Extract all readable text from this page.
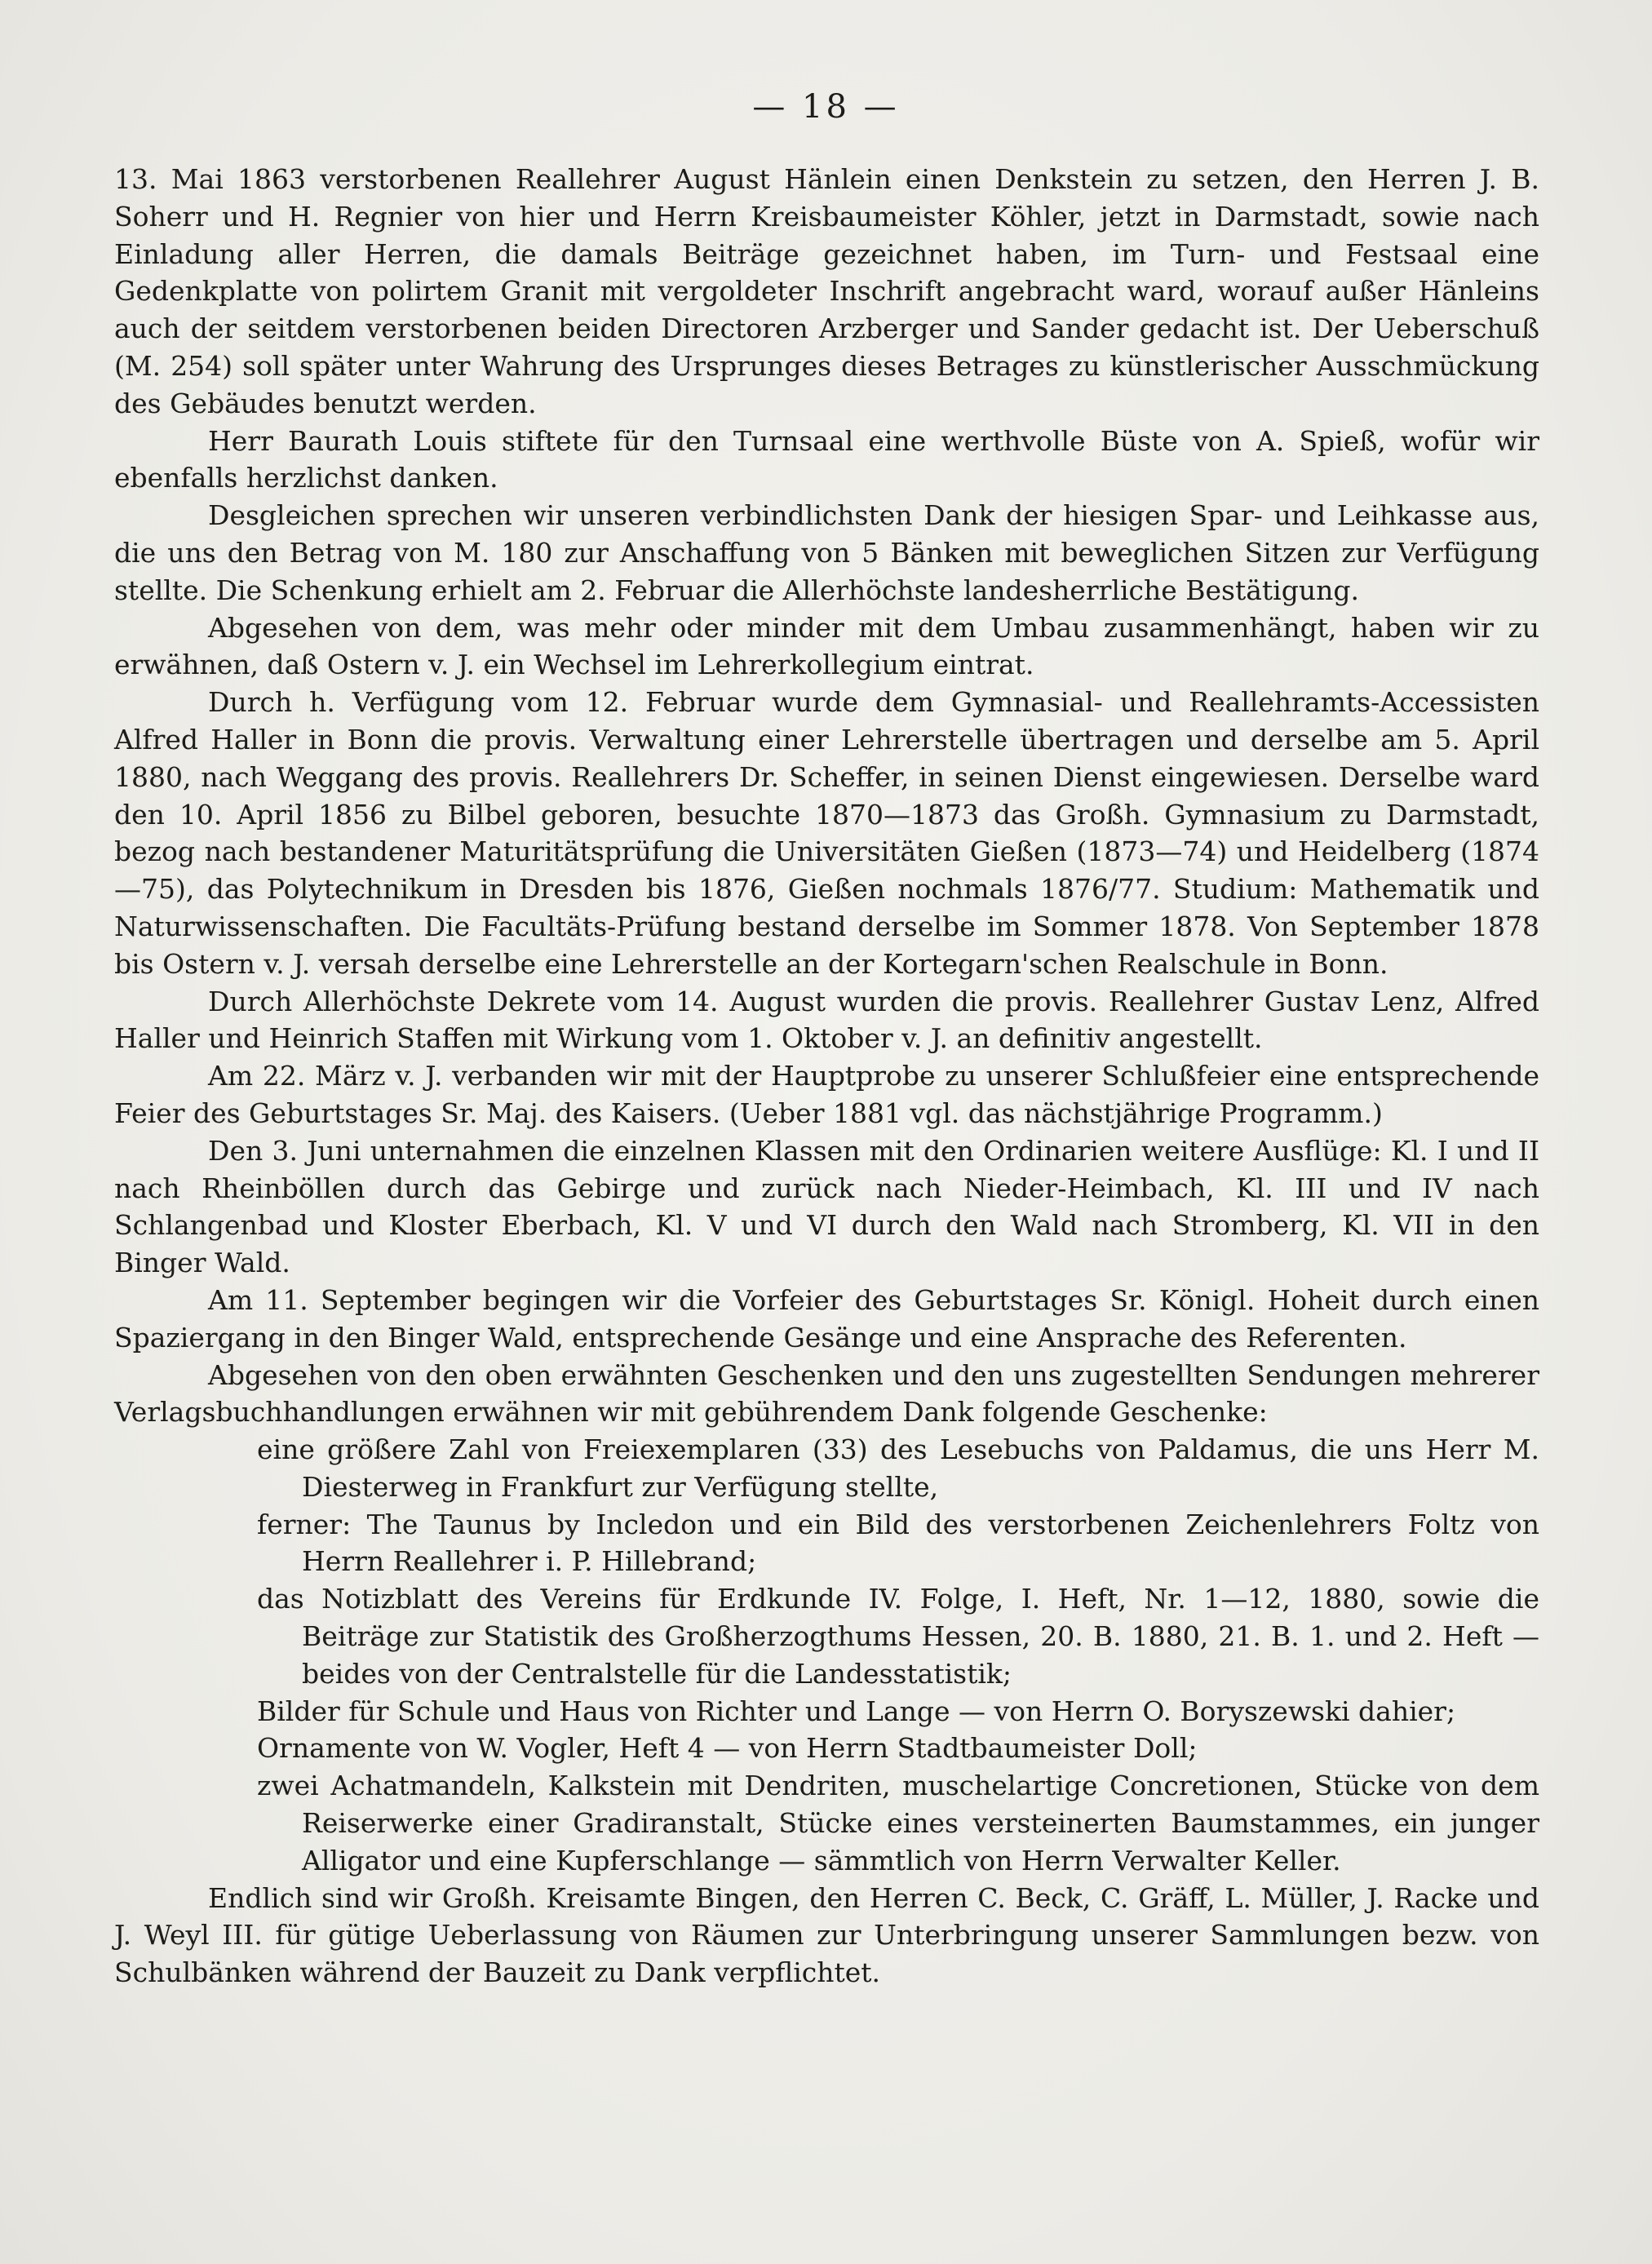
— 18 —

13. Mai 1863 verstorbenen Reallehrer August Hänlein einen Denkstein zu setzen, den Herren J. B. Soherr und H. Regnier von hier und Herrn Kreisbaumeister Köhler, jetzt in Darmstadt, sowie nach Einladung aller Herren, die damals Beiträge gezeichnet haben, im Turn- und Festsaal eine Gedenkplatte von polirtem Granit mit vergoldeter Inschrift angebracht ward, worauf außer Hänleins auch der seitdem verstorbenen beiden Directoren Arzberger und Sander gedacht ist. Der Ueberschuß (M. 254) soll später unter Wahrung des Ursprunges dieses Betrages zu künstlerischer Ausschmückung des Gebäudes benutzt werden.

Herr Baurath Louis stiftete für den Turnsaal eine werthvolle Büste von A. Spieß, wofür wir ebenfalls herzlichst danken.

Desgleichen sprechen wir unseren verbindlichsten Dank der hiesigen Spar- und Leihkasse aus, die uns den Betrag von M. 180 zur Anschaffung von 5 Bänken mit beweglichen Sitzen zur Verfügung stellte. Die Schenkung erhielt am 2. Februar die Allerhöchste landesherrliche Bestätigung.

Abgesehen von dem, was mehr oder minder mit dem Umbau zusammenhängt, haben wir zu erwähnen, daß Ostern v. J. ein Wechsel im Lehrerkollegium eintrat.

Durch h. Verfügung vom 12. Februar wurde dem Gymnasial- und Reallehramts-Accessisten Alfred Haller in Bonn die provis. Verwaltung einer Lehrerstelle übertragen und derselbe am 5. April 1880, nach Weggang des provis. Reallehrers Dr. Scheffer, in seinen Dienst eingewiesen. Derselbe ward den 10. April 1856 zu Bilbel geboren, besuchte 1870—1873 das Großh. Gymnasium zu Darmstadt, bezog nach bestandener Maturitätsprüfung die Universitäten Gießen (1873—74) und Heidelberg (1874—75), das Polytechnikum in Dresden bis 1876, Gießen nochmals 1876/77. Studium: Mathematik und Naturwissenschaften. Die Facultäts-Prüfung bestand derselbe im Sommer 1878. Von September 1878 bis Ostern v. J. versah derselbe eine Lehrerstelle an der Kortegarn'schen Realschule in Bonn.

Durch Allerhöchste Dekrete vom 14. August wurden die provis. Reallehrer Gustav Lenz, Alfred Haller und Heinrich Staffen mit Wirkung vom 1. Oktober v. J. an definitiv angestellt.

Am 22. März v. J. verbanden wir mit der Hauptprobe zu unserer Schlußfeier eine entsprechende Feier des Geburtstages Sr. Maj. des Kaisers. (Ueber 1881 vgl. das nächstjährige Programm.)

Den 3. Juni unternahmen die einzelnen Klassen mit den Ordinarien weitere Ausflüge: Kl. I und II nach Rheinböllen durch das Gebirge und zurück nach Nieder-Heimbach, Kl. III und IV nach Schlangenbad und Kloster Eberbach, Kl. V und VI durch den Wald nach Stromberg, Kl. VII in den Binger Wald.

Am 11. September begingen wir die Vorfeier des Geburtstages Sr. Königl. Hoheit durch einen Spaziergang in den Binger Wald, entsprechende Gesänge und eine Ansprache des Referenten.

Abgesehen von den oben erwähnten Geschenken und den uns zugestellten Sendungen mehrerer Verlagsbuchhandlungen erwähnen wir mit gebührendem Dank folgende Geschenke:

eine größere Zahl von Freiexemplaren (33) des Lesebuchs von Paldamus, die uns Herr M. Diesterweg in Frankfurt zur Verfügung stellte,

ferner: The Taunus by Incledon und ein Bild des verstorbenen Zeichenlehrers Foltz von Herrn Reallehrer i. P. Hillebrand;

das Notizblatt des Vereins für Erdkunde IV. Folge, I. Heft, Nr. 1—12, 1880, sowie die Beiträge zur Statistik des Großherzogthums Hessen, 20. B. 1880, 21. B. 1. und 2. Heft — beides von der Centralstelle für die Landesstatistik;

Bilder für Schule und Haus von Richter und Lange — von Herrn O. Boryszewski dahier;

Ornamente von W. Vogler, Heft 4 — von Herrn Stadtbaumeister Doll;

zwei Achatmandeln, Kalkstein mit Dendriten, muschelartige Concretionen, Stücke von dem Reiserwerke einer Gradiranstalt, Stücke eines versteinerten Baumstammes, ein junger Alligator und eine Kupferschlange — sämmtlich von Herrn Verwalter Keller.

Endlich sind wir Großh. Kreisamte Bingen, den Herren C. Beck, C. Gräff, L. Müller, J. Racke und J. Weyl III. für gütige Ueberlassung von Räumen zur Unterbringung unserer Sammlungen bezw. von Schulbänken während der Bauzeit zu Dank verpflichtet.
